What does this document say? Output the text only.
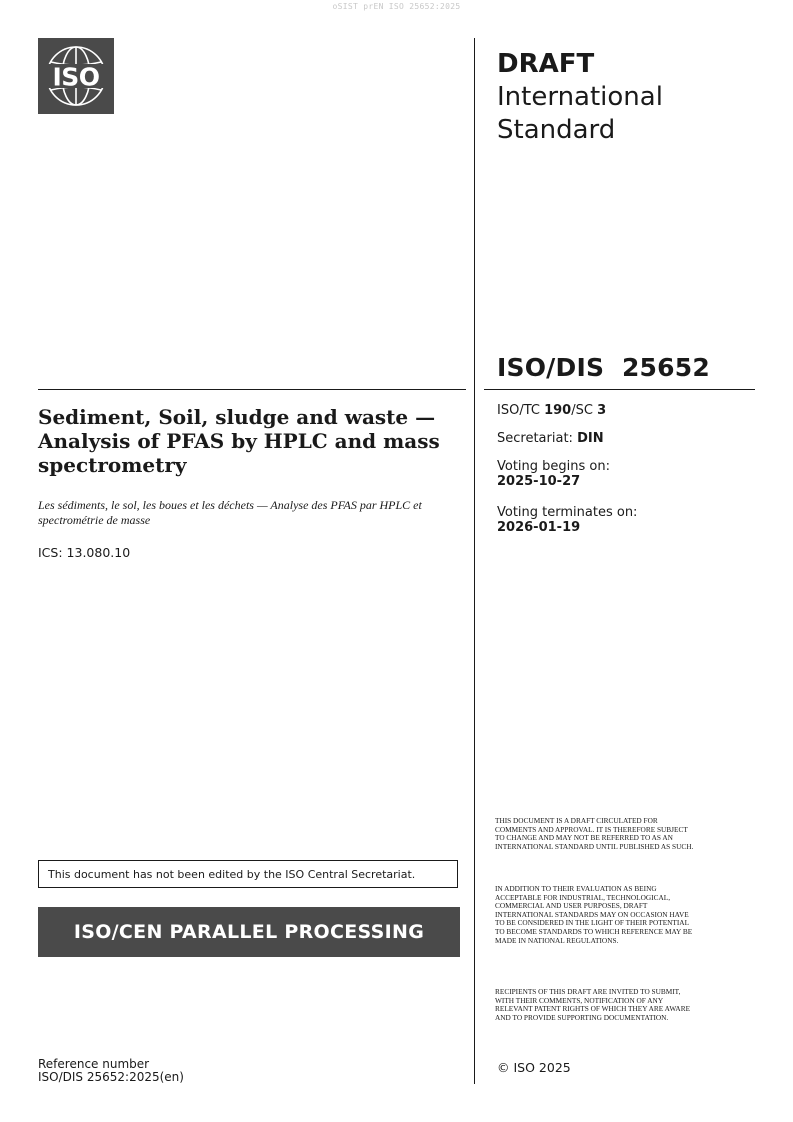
oSIST prEN ISO 25652:2025
ISO	DRAFT
International
Standard
ISO/DIS  25652
Sediment, Soil, sludge and waste — Analysis of PFAS by HPLC and mass spectrometry
Les sédiments, le sol, les boues et les déchets — Analyse des PFAS par HPLC et spectrométrie de masse
ICS: 13.080.10
ISO/TC 190/SC 3
Secretariat: DIN
Voting begins on:
2025-10-27
Voting terminates on:
2026-01-19
This document has not been edited by the ISO Central Secretariat.
ISO/CEN PARALLEL PROCESSING
Reference number
ISO/DIS 25652:2025(en)
THIS DOCUMENT IS A DRAFT CIRCULATED FOR COMMENTS AND APPROVAL. IT IS THEREFORE SUBJECT TO CHANGE AND MAY NOT BE REFERRED TO AS AN INTERNATIONAL STANDARD UNTIL PUBLISHED AS SUCH.
IN ADDITION TO THEIR EVALUATION AS BEING ACCEPTABLE FOR INDUSTRIAL, TECHNOLOGICAL, COMMERCIAL AND USER PURPOSES, DRAFT INTERNATIONAL STANDARDS MAY ON OCCASION HAVE TO BE CONSIDERED IN THE LIGHT OF THEIR POTENTIAL TO BECOME STANDARDS TO WHICH REFERENCE MAY BE MADE IN NATIONAL REGULATIONS.
RECIPIENTS OF THIS DRAFT ARE INVITED TO SUBMIT, WITH THEIR COMMENTS, NOTIFICATION OF ANY RELEVANT PATENT RIGHTS OF WHICH THEY ARE AWARE AND TO PROVIDE SUPPORTING DOCUMENTATION.
© ISO 2025
